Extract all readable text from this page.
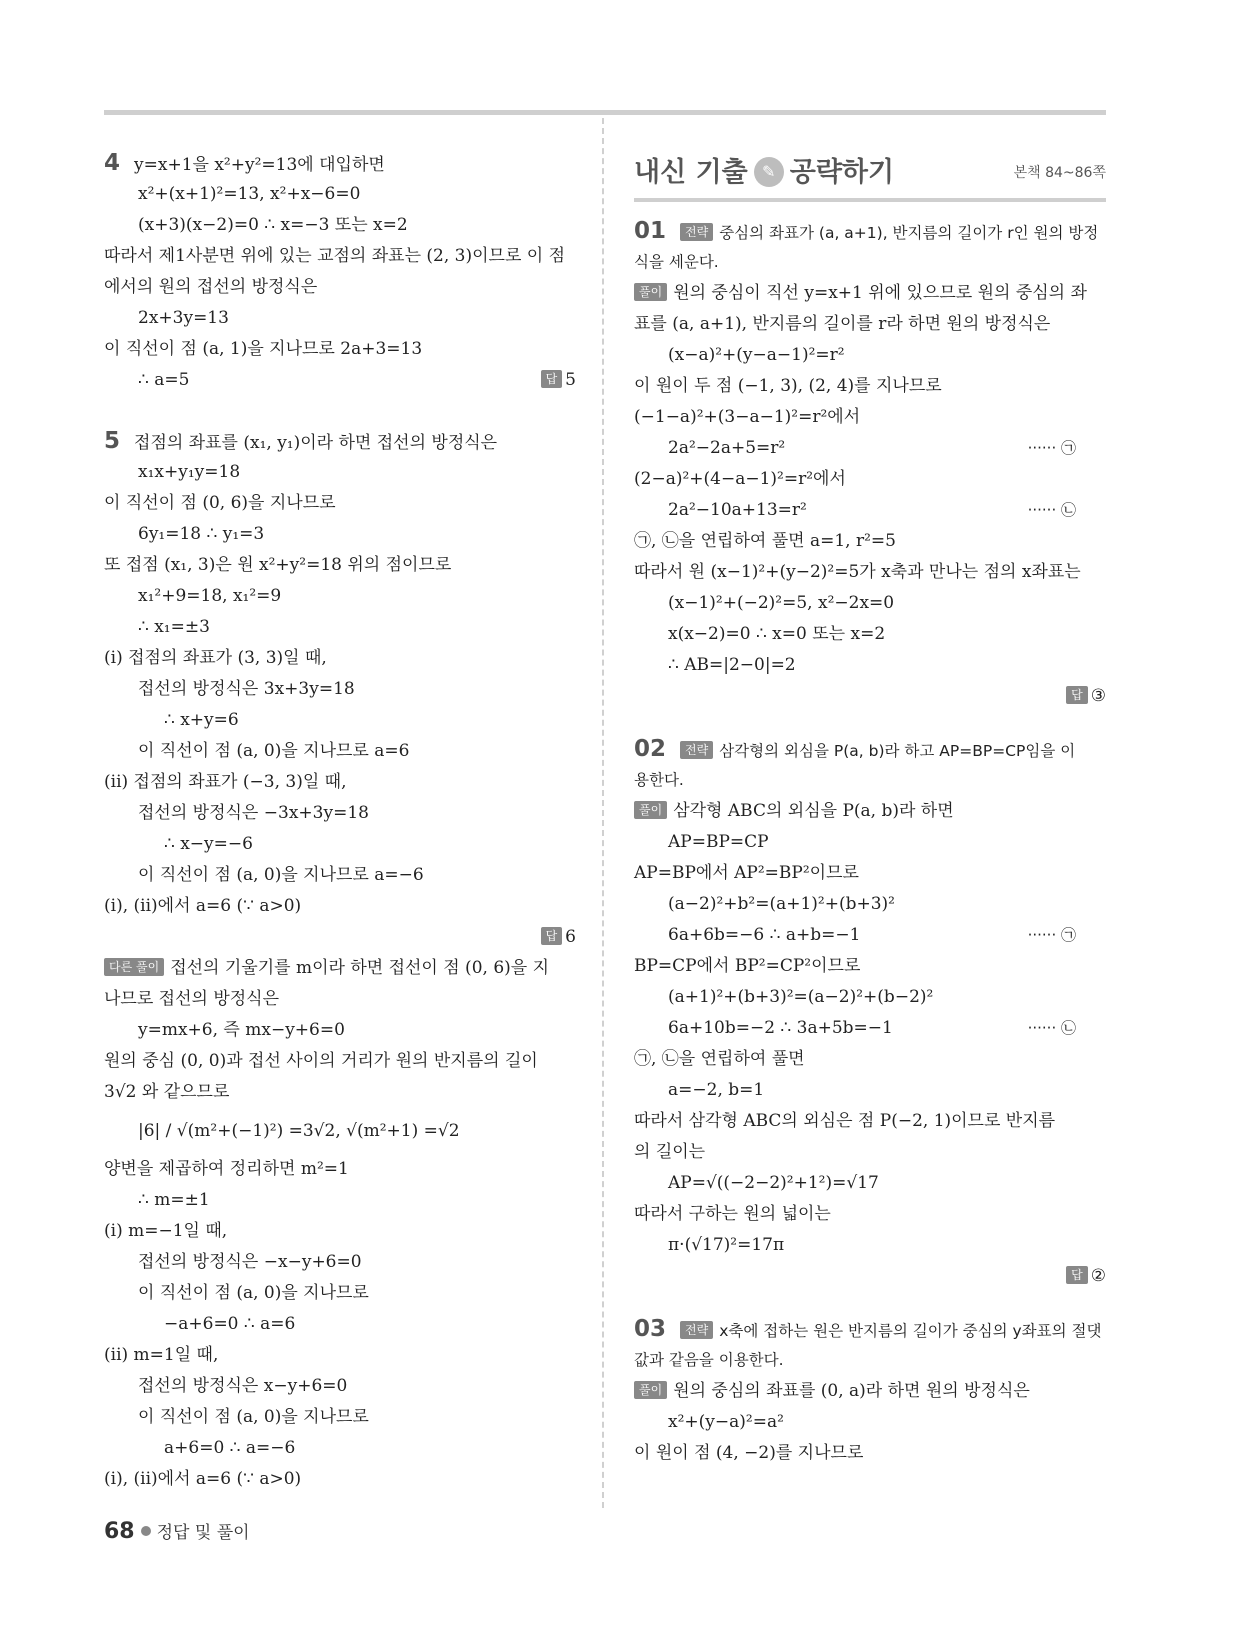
4 y=x+1을 x²+y²=13에 대입하면
x²+(x+1)²=13, x²+x−6=0
(x+3)(x−2)=0 ∴ x=−3 또는 x=2
따라서 제1사분면 위에 있는 교점의 좌표는 (2, 3)이므로 이 점
에서의 원의 접선의 방정식은
2x+3y=13
이 직선이 점 (a, 1)을 지나므로 2a+3=13
∴ a=5	답 5
5 접점의 좌표를 (x₁, y₁)이라 하면 접선의 방정식은
x₁x+y₁y=18
이 직선이 점 (0, 6)을 지나므로
6y₁=18 ∴ y₁=3
또 접점 (x₁, 3)은 원 x²+y²=18 위의 점이므로
x₁²+9=18, x₁²=9
∴ x₁=±3
(i) 접점의 좌표가 (3, 3)일 때,
접선의 방정식은 3x+3y=18
∴ x+y=6
이 직선이 점 (a, 0)을 지나므로 a=6
(ii) 접점의 좌표가 (−3, 3)일 때,
접선의 방정식은 −3x+3y=18
∴ x−y=−6
이 직선이 점 (a, 0)을 지나므로 a=−6
(i), (ii)에서 a=6 (∵ a>0)
답 6
다른 풀이 접선의 기울기를 m이라 하면 접선이 점 (0, 6)을 지
나므로 접선의 방정식은
y=mx+6, 즉 mx−y+6=0
원의 중심 (0, 0)과 접선 사이의 거리가 원의 반지름의 길이
3√2 와 같으므로
|6| / √(m²+(−1)²) =3√2, √(m²+1) =√2
양변을 제곱하여 정리하면 m²=1
∴ m=±1
(i) m=−1일 때,
접선의 방정식은 −x−y+6=0
이 직선이 점 (a, 0)을 지나므로
−a+6=0 ∴ a=6
(ii) m=1일 때,
접선의 방정식은 x−y+6=0
이 직선이 점 (a, 0)을 지나므로
a+6=0 ∴ a=−6
(i), (ii)에서 a=6 (∵ a>0)
내신 기출 ✎ 공략하기	본책 84~86쪽
01 전략 중심의 좌표가 (a, a+1), 반지름의 길이가 r인 원의 방정
식을 세운다.
풀이 원의 중심이 직선 y=x+1 위에 있으므로 원의 중심의 좌
표를 (a, a+1), 반지름의 길이를 r라 하면 원의 방정식은
(x−a)²+(y−a−1)²=r²
이 원이 두 점 (−1, 3), (2, 4)를 지나므로
(−1−a)²+(3−a−1)²=r²에서
2a²−2a+5=r²	······ ㉠
(2−a)²+(4−a−1)²=r²에서
2a²−10a+13=r²	······ ㉡
㉠, ㉡을 연립하여 풀면 a=1, r²=5
따라서 원 (x−1)²+(y−2)²=5가 x축과 만나는 점의 x좌표는
(x−1)²+(−2)²=5, x²−2x=0
x(x−2)=0 ∴ x=0 또는 x=2
∴ AB=|2−0|=2
답 ③
02 전략 삼각형의 외심을 P(a, b)라 하고 AP=BP=CP임을 이
용한다.
풀이 삼각형 ABC의 외심을 P(a, b)라 하면
AP=BP=CP
AP=BP에서 AP²=BP²이므로
(a−2)²+b²=(a+1)²+(b+3)²
6a+6b=−6 ∴ a+b=−1	······ ㉠
BP=CP에서 BP²=CP²이므로
(a+1)²+(b+3)²=(a−2)²+(b−2)²
6a+10b=−2 ∴ 3a+5b=−1	······ ㉡
㉠, ㉡을 연립하여 풀면
a=−2, b=1
따라서 삼각형 ABC의 외심은 점 P(−2, 1)이므로 반지름
의 길이는
AP=√((−2−2)²+1²)=√17
따라서 구하는 원의 넓이는
π·(√17)²=17π
답 ②
03 전략 x축에 접하는 원은 반지름의 길이가 중심의 y좌표의 절댓
값과 같음을 이용한다.
풀이 원의 중심의 좌표를 (0, a)라 하면 원의 방정식은
x²+(y−a)²=a²
이 원이 점 (4, −2)를 지나므로
68 정답 및 풀이
